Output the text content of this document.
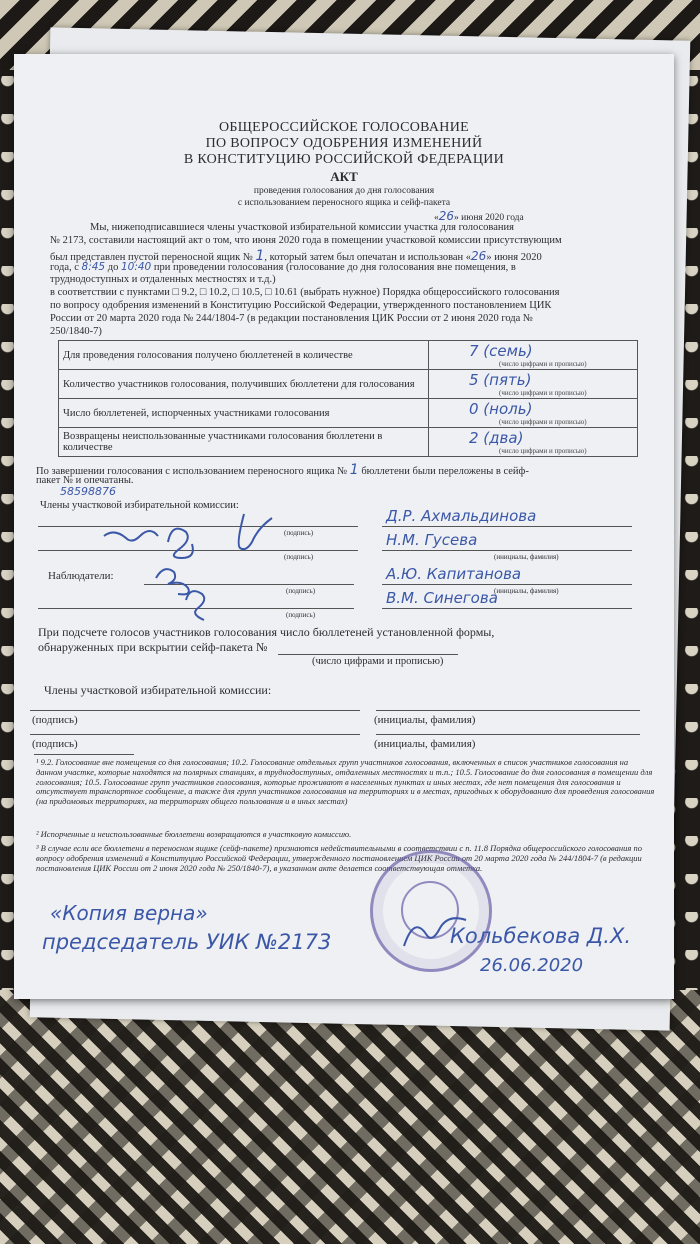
ОБЩЕРОССИЙСКОЕ ГОЛОСОВАНИЕ
ПО ВОПРОСУ ОДОБРЕНИЯ ИЗМЕНЕНИЙ
В КОНСТИТУЦИЮ РОССИЙСКОЙ ФЕДЕРАЦИИ
АКТ
проведения голосования до дня голосования
с использованием переносного ящика и сейф-пакета
«26» июня 2020 года
Мы, нижеподписавшиеся члены участковой избирательной комиссии участка для голосования
№ 2173, составили настоящий акт о том, что июня 2020 года в помещении участковой комиссии присутствующим
был представлен пустой переносной ящик № 1, который затем был опечатан и использован «26» июня 2020
года, с 8:45 до 10:40 при проведении голосования (голосование до дня голосования вне помещения, в
труднодоступных и отдаленных местностях и т.д.)
в соответствии с пунктами □ 9.2, □ 10.2, □ 10.5, □ 10.61 (выбрать нужное) Порядка общероссийского голосования
по вопросу одобрения изменений в Конституцию Российской Федерации, утвержденного постановлением ЦИК
России от 20 марта 2020 года № 244/1804-7 (в редакции постановления ЦИК России от 2 июня 2020 года №
250/1840-7)
Для проведения голосования получено бюллетеней в количестве	7 (семь)
(число цифрами и прописью)

Количество участников голосования, получивших бюллетени для голосования	5 (пять)
(число цифрами и прописью)

Число бюллетеней, испорченных участниками голосования	0 (ноль)
(число цифрами и прописью)

Возвращены неиспользованные участниками голосования бюллетени в количестве	2 (два)
(число цифрами и прописью)
По завершении голосования с использованием переносного ящика № 1 бюллетени были переложены в сейф-
пакет № и опечатаны.
58598876
Члены участковой избирательной комиссии:
(подпись)
Д.Р. Ахмальдинова
(подпись)
Н.М. Гусева
(инициалы, фамилия)
Наблюдатели:
(подпись)
А.Ю. Капитанова
(инициалы, фамилия)
(подпись)
В.М. Синегова
При подсчете голосов участников голосования число бюллетеней установленной формы,
обнаруженных при вскрытии сейф-пакета №
(число цифрами и прописью)
Члены участковой избирательной комиссии:
(подпись)	(инициалы, фамилия)
(подпись)	(инициалы, фамилия)
¹ 9.2. Голосование вне помещения со дня голосования; 10.2. Голосование отдельных групп участников голосования, включенных в список участников голосования на данном участке, которые находятся на полярных станциях, в труднодоступных, отдаленных местностях и т.п.; 10.5. Голосование до дня голосования в помещении для голосования; 10.5. Голосование групп участников голосования, которые проживают в населенных пунктах и иных местах, где нет помещения для голосования и отсутствует транспортное сообщение, а также для групп участников голосования на территориях и в местах, пригодных к оборудованию для проведения голосования (на придомовых территориях, на территориях общего пользования и в иных местах)
² Испорченные и неиспользованные бюллетени возвращаются в участковую комиссию.
³ В случае если все бюллетени в переносном ящике (сейф-пакете) признаются недействительными в соответствии с п. 11.8 Порядка общероссийского голосования по вопросу одобрения изменений в Конституцию Российской Федерации, утвержденного постановлением ЦИК России от 20 марта 2020 года № 244/1804-7 (в редакции постановления ЦИК России от 2 июня 2020 года № 250/1840-7), в указанном акте делается соответствующая отметка.
«Копия верна»
председатель УИК №2173	Кольбекова Д.Х.
26.06.2020
